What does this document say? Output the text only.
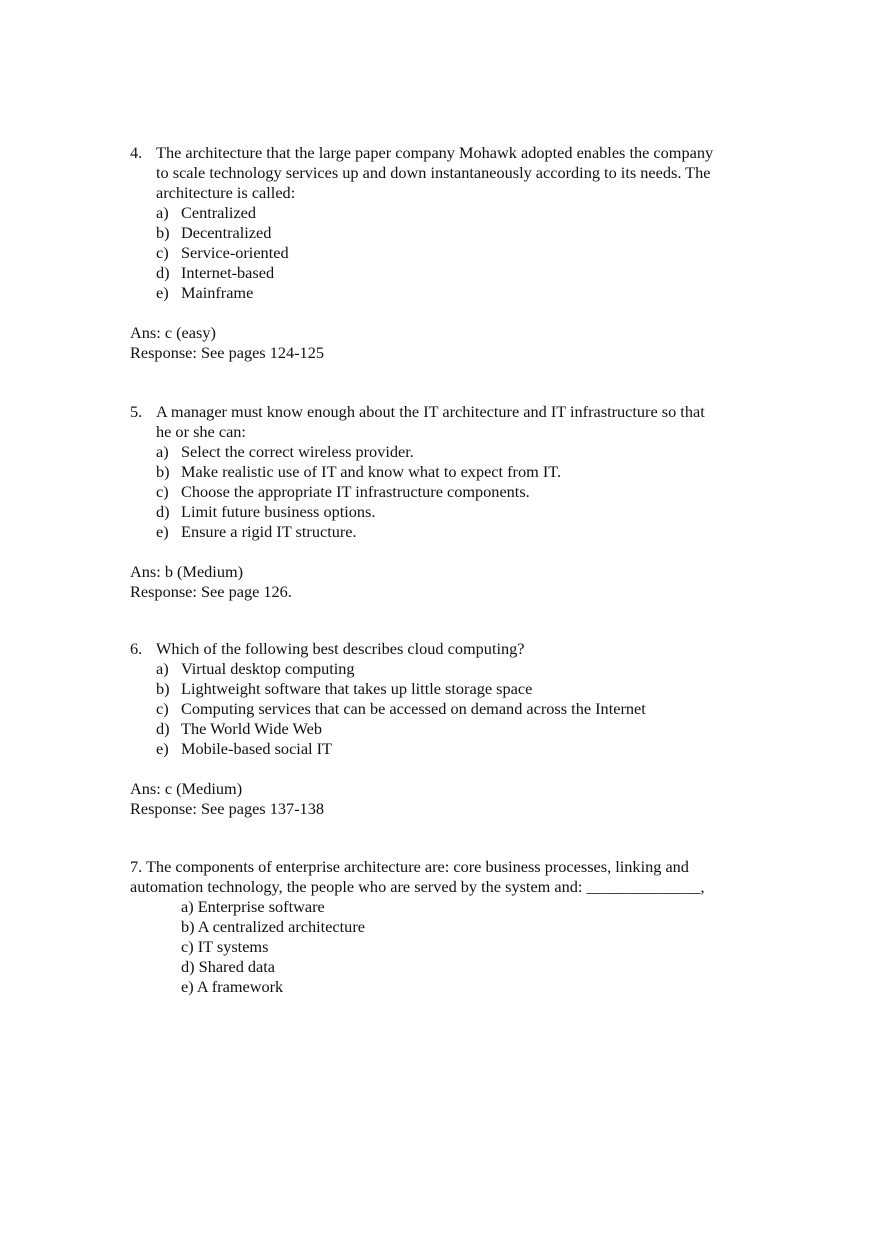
4. The architecture that the large paper company Mohawk adopted enables the company
to scale technology services up and down instantaneously according to its needs. The
architecture is called:
a) Centralized
b) Decentralized
c) Service-oriented
d) Internet-based
e) Mainframe
Ans: c (easy)
Response: See pages 124-125
5. A manager must know enough about the IT architecture and IT infrastructure so that
he or she can:
a) Select the correct wireless provider.
b) Make realistic use of IT and know what to expect from IT.
c) Choose the appropriate IT infrastructure components.
d) Limit future business options.
e) Ensure a rigid IT structure.
Ans: b (Medium)
Response: See page 126.
6. Which of the following best describes cloud computing?
a) Virtual desktop computing
b) Lightweight software that takes up little storage space
c) Computing services that can be accessed on demand across the Internet
d) The World Wide Web
e) Mobile-based social IT
Ans: c (Medium)
Response: See pages 137-138
7. The components of enterprise architecture are: core business processes, linking and
automation technology, the people who are served by the system and: ______________,
a) Enterprise software
b) A centralized architecture
c) IT systems
d) Shared data
e) A framework
